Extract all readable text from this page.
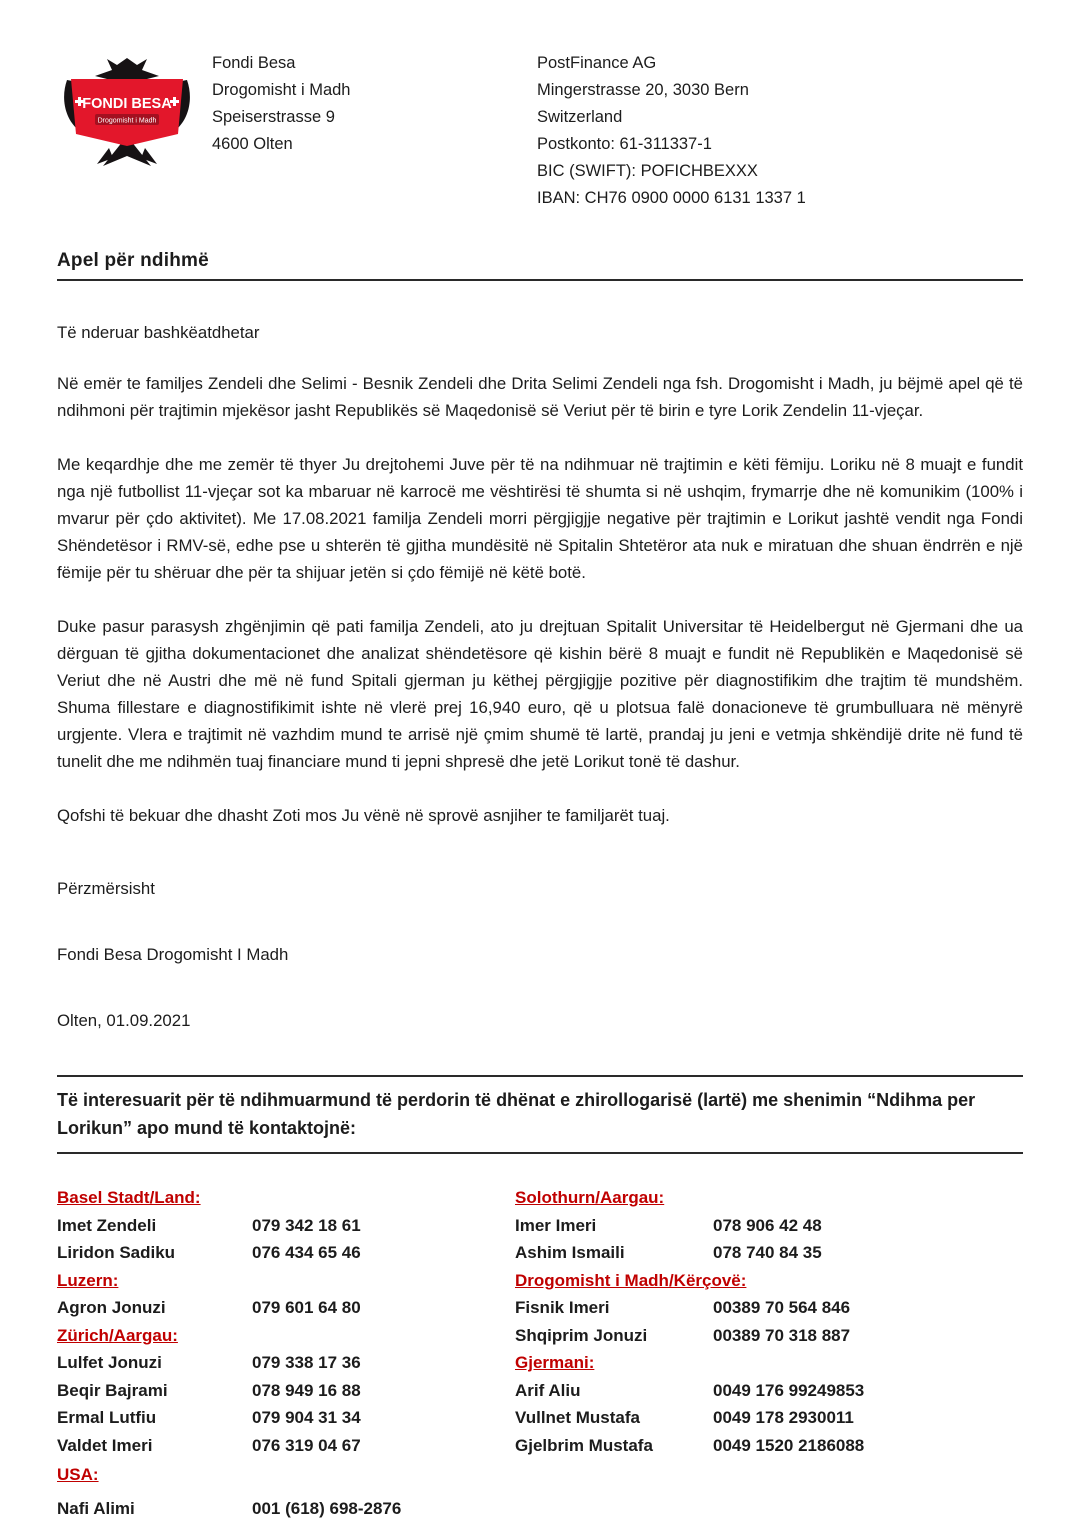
FONDI BESA
Drogomisht i Madh
Fondi Besa
Drogomisht i Madh
Speiserstrasse 9
4600 Olten
PostFinance AG
Mingerstrasse 20, 3030 Bern
Switzerland
Postkonto: 61-311337-1
BIC (SWIFT): POFICHBEXXX
IBAN: CH76 0900 0000 6131 1337 1
Apel për ndihmë
Të nderuar bashkëatdhetar

Në emër te familjes Zendeli dhe Selimi - Besnik Zendeli dhe Drita Selimi Zendeli nga fsh. Drogomisht i Madh, ju bëjmë apel që të ndihmoni për trajtimin mjekësor jasht Republikës së Maqedonisë së Veriut për të birin e tyre Lorik Zendelin 11-vjeçar.

Me keqardhje dhe me zemër të thyer Ju drejtohemi Juve për të na ndihmuar në trajtimin e këti fëmiju. Loriku në 8 muajt e fundit nga një futbollist 11-vjeçar sot ka mbaruar në karrocë me vështirësi të shumta si në ushqim, frymarrje dhe në komunikim (100% i mvarur për çdo aktivitet). Me 17.08.2021 familja Zendeli morri përgjigjje negative për trajtimin e Lorikut jashtë vendit nga Fondi Shëndetësor i RMV-së, edhe pse u shterën të gjitha mundësitë në Spitalin Shtetëror ata nuk e miratuan dhe shuan ëndrrën e një fëmije për tu shëruar dhe për ta shijuar jetën si çdo fëmijë në këtë botë.

Duke pasur parasysh zhgënjimin që pati familja Zendeli, ato ju drejtuan Spitalit Universitar të Heidelbergut në Gjermani dhe ua dërguan të gjitha dokumentacionet dhe analizat shëndetësore që kishin bërë 8 muajt e fundit në Republikën e Maqedonisë së Veriut dhe në Austri dhe më në fund Spitali gjerman ju këthej përgjigjje pozitive për diagnostifikim dhe trajtim të mundshëm. Shuma fillestare e diagnostifikimit ishte në vlerë prej 16,940 euro, që u plotsua falë donacioneve të grumbulluara në mënyrë urgjente. Vlera e trajtimit në vazhdim mund te arrisë një çmim shumë të lartë, prandaj ju jeni e vetmja shkëndijë drite në fund të tunelit dhe me ndihmën tuaj financiare mund ti jepni shpresë dhe jetë Lorikut tonë të dashur.

Qofshi të bekuar dhe dhasht Zoti mos Ju vënë në sprovë asnjiher te familjarët tuaj.

Përzmërsisht
Fondi Besa Drogomisht I Madh
Olten, 01.09.2021
Të interesuarit për të ndihmuarmund të perdorin të dhënat e zhirollogarisë (lartë) me shenimin “Ndihma per Lorikun” apo mund të kontaktojnë:
Basel Stadt/Land:
Imet Zendeli	079 342 18 61
Liridon Sadiku	076 434 65 46
Luzern:
Agron Jonuzi	079 601 64 80
Zürich/Aargau:
Lulfet Jonuzi	079 338 17 36
Beqir Bajrami	078 949 16 88
Ermal Lutfiu	079 904 31 34
Valdet Imeri	076 319 04 67
USA:
Nafi Alimi	001 (618) 698-2876
Solothurn/Aargau:
Imer Imeri	078 906 42 48
Ashim Ismaili	078 740 84 35
Drogomisht i Madh/Kërçovë:
Fisnik Imeri	00389 70 564 846
Shqiprim Jonuzi	00389 70 318 887
Gjermani:
Arif Aliu	0049 176 99249853
Vullnet Mustafa	0049 178 2930011
Gjelbrim Mustafa	0049 1520 2186088
